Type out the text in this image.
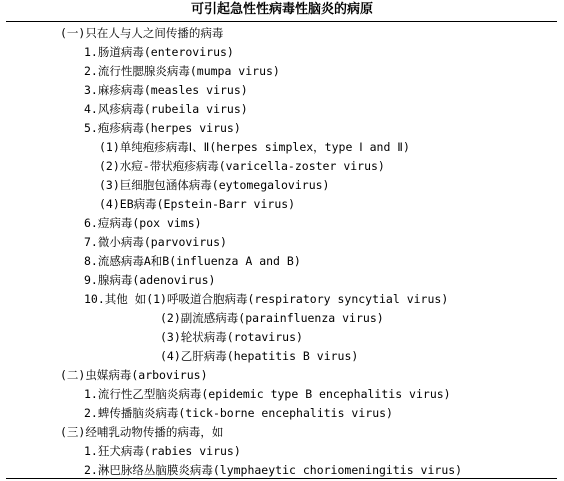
可引起急性性病毒性脑炎的病原
(一)只在人与人之间传播的病毒
1.肠道病毒(enterovirus)
2.流行性腮腺炎病毒(mumpa virus)
3.麻疹病毒(measles virus)
4.风疹病毒(rubeila virus)
5.疱疹病毒(herpes virus)
(1)单纯疱疹病毒Ⅰ、Ⅱ(herpes simplex，type Ⅰ and Ⅱ)
(2)水痘-带状疱疹病毒(varicella-zoster virus)
(3)巨细胞包涵体病毒(eytomegalovirus)
(4)EB病毒(Epstein-Barr virus)
6.痘病毒(pox vims)
7.微小病毒(parvovirus)
8.流感病毒A和B(influenza A and B)
9.腺病毒(adenovirus)
10.其他 如(1)呼吸道合胞病毒(respiratory syncytial virus)
(2)副流感病毒(parainfluenza virus)
(3)轮状病毒(rotavirus)
(4)乙肝病毒(hepatitis B virus)
(二)虫媒病毒(arbovirus)
1.流行性乙型脑炎病毒(epidemic type B encephalitis virus)
2.蜱传播脑炎病毒(tick-borne encephalitis virus)
(三)经哺乳动物传播的病毒，如
1.狂犬病毒(rabies virus)
2.淋巴脉络丛脑膜炎病毒(lymphaeytic choriomeningitis virus)
